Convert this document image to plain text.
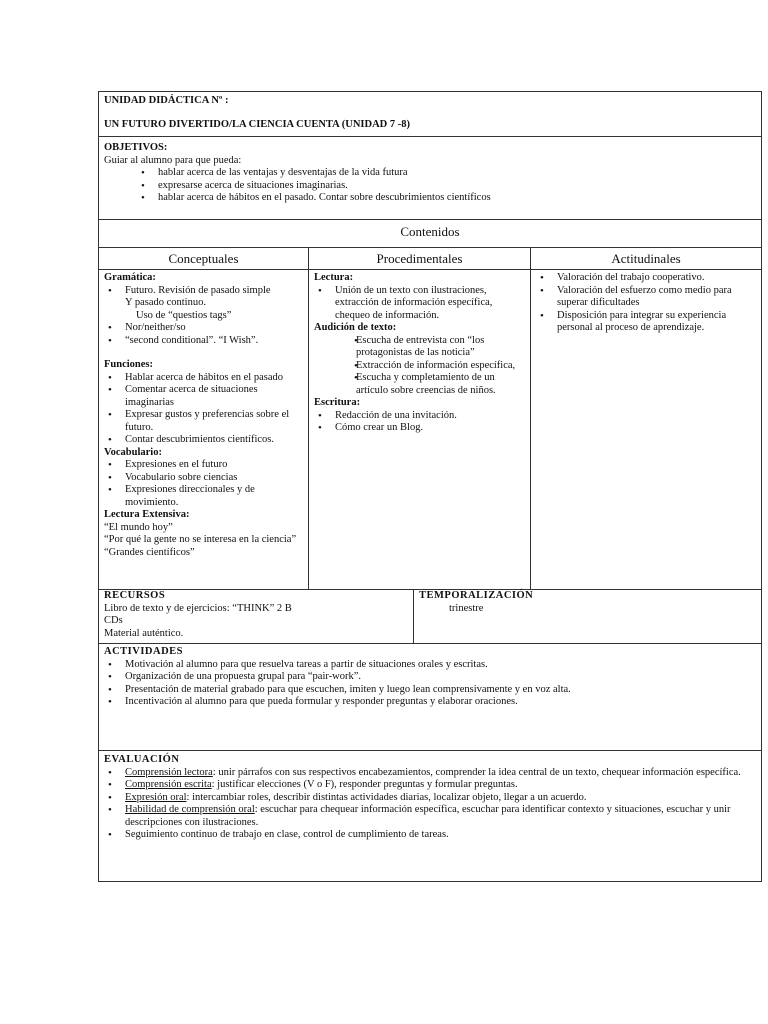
UNIDAD DIDÁCTICA Nº :
UN FUTURO DIVERTIDO/LA CIENCIA CUENTA (UNIDAD 7 -8)
OBJETIVOS:
Guiar al alumno para que pueda:
• hablar acerca de las ventajas y desventajas de la vida futura
• expresarse acerca de situaciones imaginarias.
• hablar acerca de hábitos en el pasado. Contar sobre descubrimientos científicos
Contenidos
Conceptuales	Procedimentales	Actitudinales
Gramática:
• Futuro. Revisión de pasado simple
Y pasado continuo.
Uso de “questios tags”
• Nor/neither/so
• “second conditional”. “I Wish”.
Funciones:
• Hablar acerca de hábitos en el pasado
• Comentar acerca de situaciones imaginarias
• Expresar gustos y preferencias sobre el futuro.
• Contar descubrimientos científicos.
Vocabulario:
• Expresiones en el futuro
• Vocabulario sobre ciencias
• Expresiones direccionales y de movimiento.
Lectura Extensiva:
“El mundo hoy”
“Por qué la gente no se interesa en la ciencia”
“Grandes científicos”
Lectura:
• Unión de un texto con ilustraciones, extracción de información específica, chequeo de información.
Audición de texto:
• Escucha de entrevista con “los protagonistas de las noticia”
• Extracción de información específica,
• Escucha y completamiento de un artículo sobre creencias de niños.
Escritura:
• Redacción de una invitación.
• Cómo crear un Blog.
• Valoración del trabajo cooperativo.
• Valoración del esfuerzo como medio para superar dificultades
• Disposición para integrar su experiencia personal al proceso de aprendizaje.
RECURSOS
Libro de texto y de ejercicios: “THINK” 2 B
CDs
Material auténtico.
TEMPORALIZACIÓN
trinestre
ACTIVIDADES
• Motivación al alumno para que resuelva tareas a partir de situaciones orales y escritas.
• Organización de una propuesta grupal para “pair-work”.
• Presentación de material grabado para que escuchen, imiten y luego lean comprensivamente y en voz alta.
• Incentivación al alumno para que pueda formular y responder preguntas y elaborar oraciones.
EVALUACIÓN
• Comprensión lectora: unir párrafos con sus respectivos encabezamientos, comprender la idea central de un texto, chequear información específica.
• Comprensión escrita: justificar elecciones (V o F), responder preguntas y formular preguntas.
• Expresión oral: intercambiar roles, describir distintas actividades diarias, localizar objeto, llegar a un acuerdo.
• Habilidad de comprensión oral: escuchar para chequear información específica, escuchar para identificar contexto y situaciones, escuchar y unir descripciones con ilustraciones.
• Seguimiento continuo de trabajo en clase, control de cumplimiento de tareas.
